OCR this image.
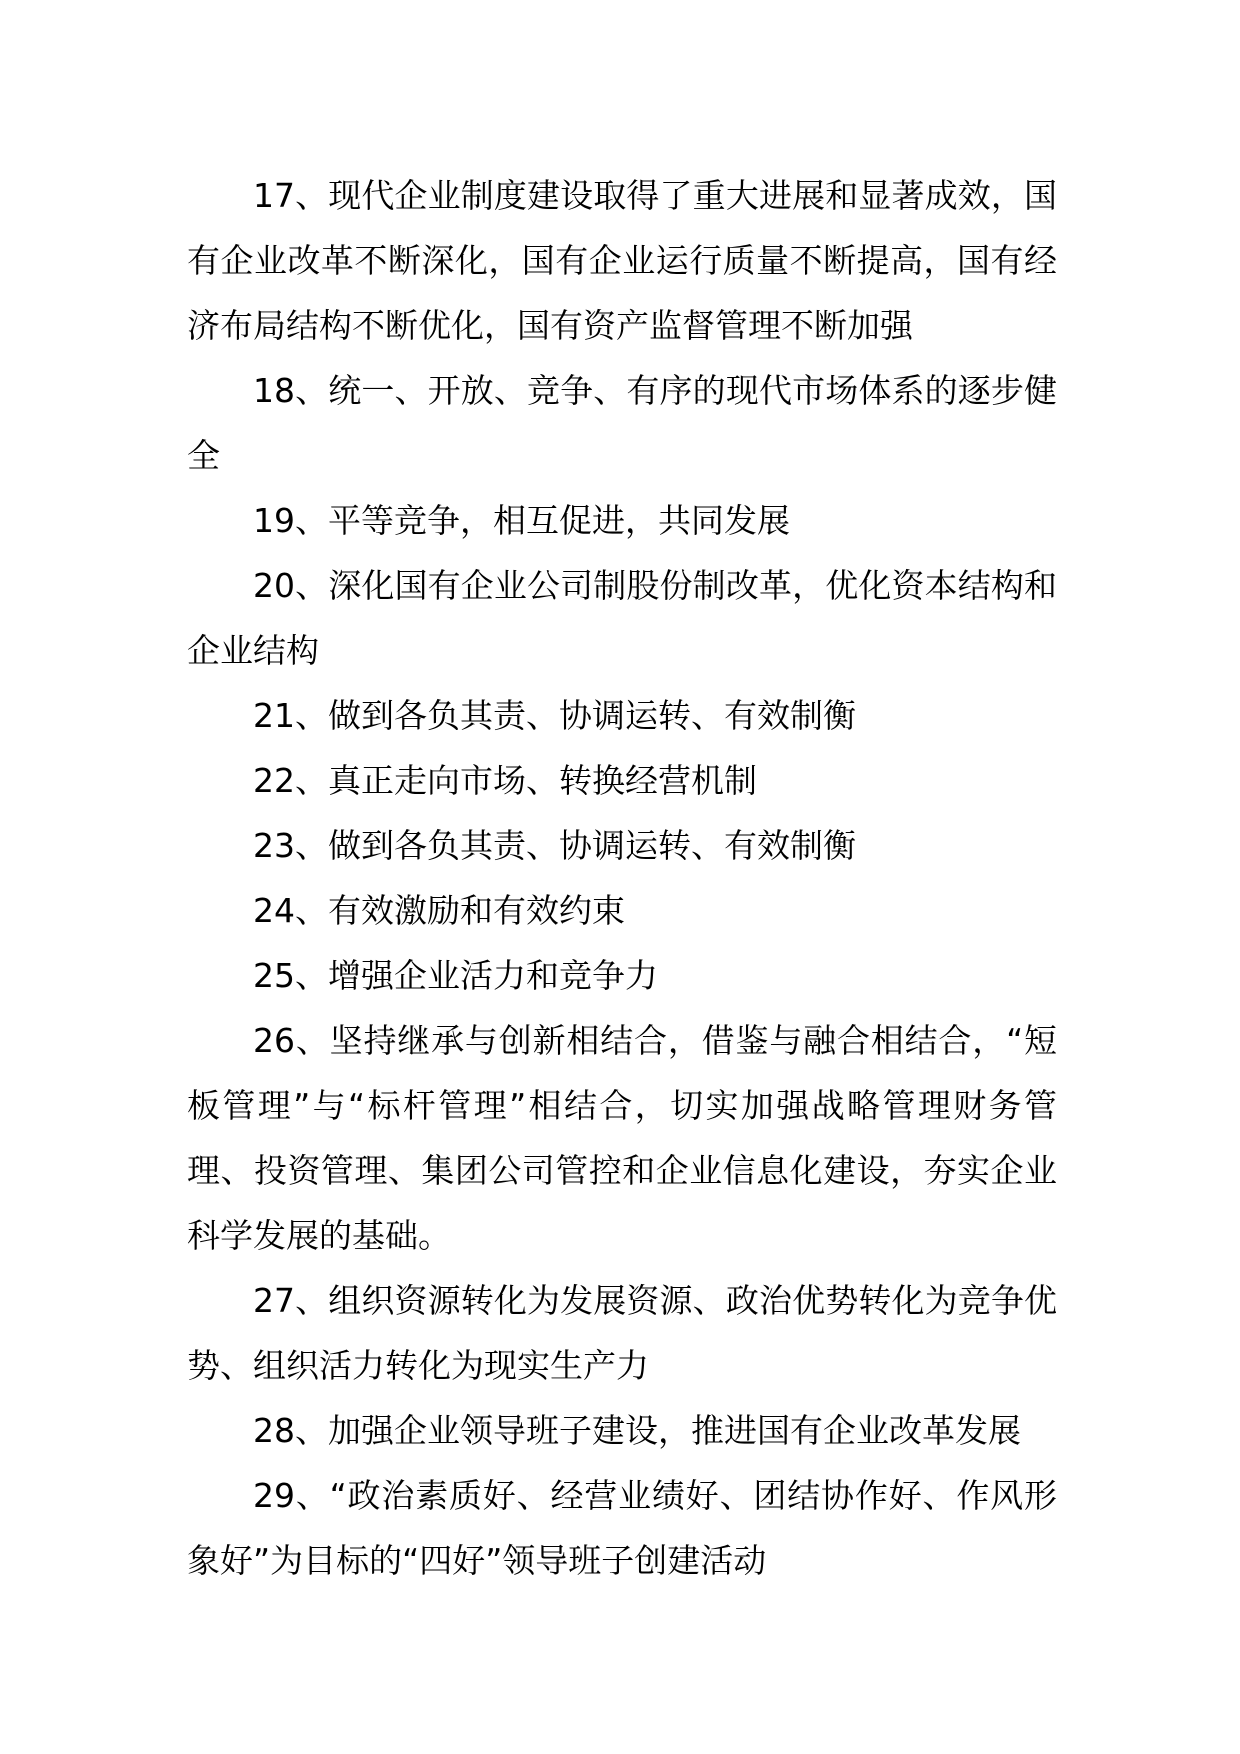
17、现代企业制度建设取得了重大进展和显著成效，国有企业改革不断深化，国有企业运行质量不断提高，国有经济布局结构不断优化，国有资产监督管理不断加强

18、统一、开放、竞争、有序的现代市场体系的逐步健全

19、平等竞争，相互促进，共同发展

20、深化国有企业公司制股份制改革，优化资本结构和企业结构

21、做到各负其责、协调运转、有效制衡

22、真正走向市场、转换经营机制

23、做到各负其责、协调运转、有效制衡

24、有效激励和有效约束

25、增强企业活力和竞争力

26、坚持继承与创新相结合，借鉴与融合相结合，“短板管理”与“标杆管理”相结合，切实加强战略管理财务管理、投资管理、集团公司管控和企业信息化建设，夯实企业科学发展的基础。

27、组织资源转化为发展资源、政治优势转化为竞争优势、组织活力转化为现实生产力

28、加强企业领导班子建设，推进国有企业改革发展

29、“政治素质好、经营业绩好、团结协作好、作风形象好”为目标的“四好”领导班子创建活动
